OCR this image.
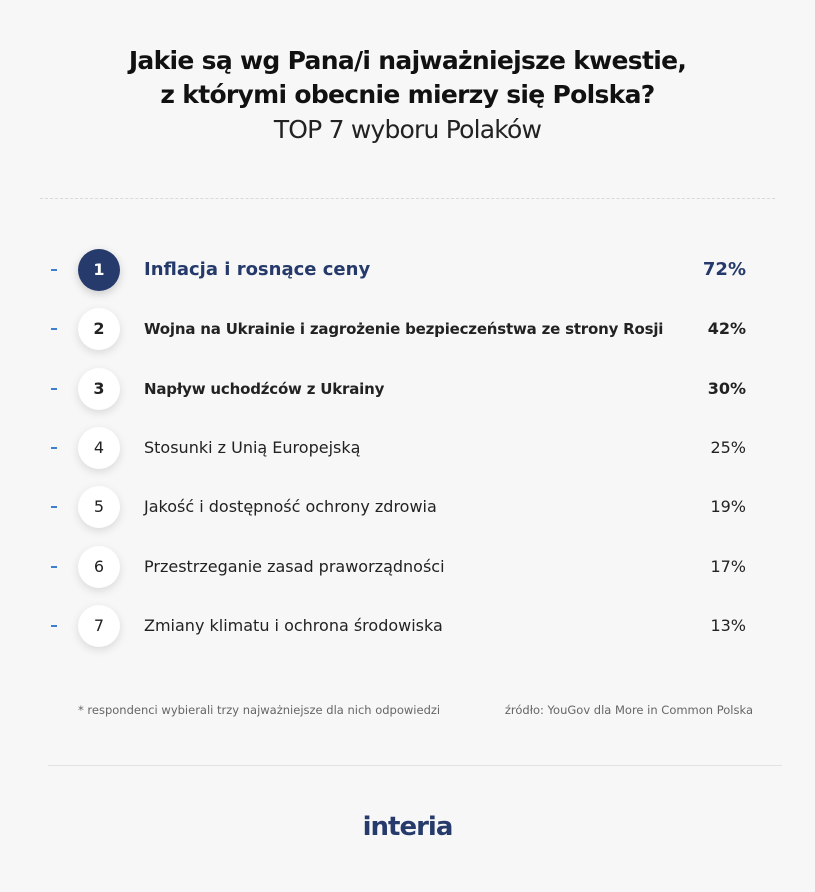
Jakie są wg Pana/i najważniejsze kwestie,
z którymi obecnie mierzy się Polska?
TOP 7 wyboru Polaków
1	Inflacja i rosnące ceny	72%
2	Wojna na Ukrainie i zagrożenie bezpieczeństwa ze strony Rosji	42%
3	Napływ uchodźców z Ukrainy	30%
4	Stosunki z Unią Europejską	25%
5	Jakość i dostępność ochrony zdrowia	19%
6	Przestrzeganie zasad praworządności	17%
7	Zmiany klimatu i ochrona środowiska	13%
* respondenci wybierali trzy najważniejsze dla nich odpowiedzi	źródło: YouGov dla More in Common Polska
interia
